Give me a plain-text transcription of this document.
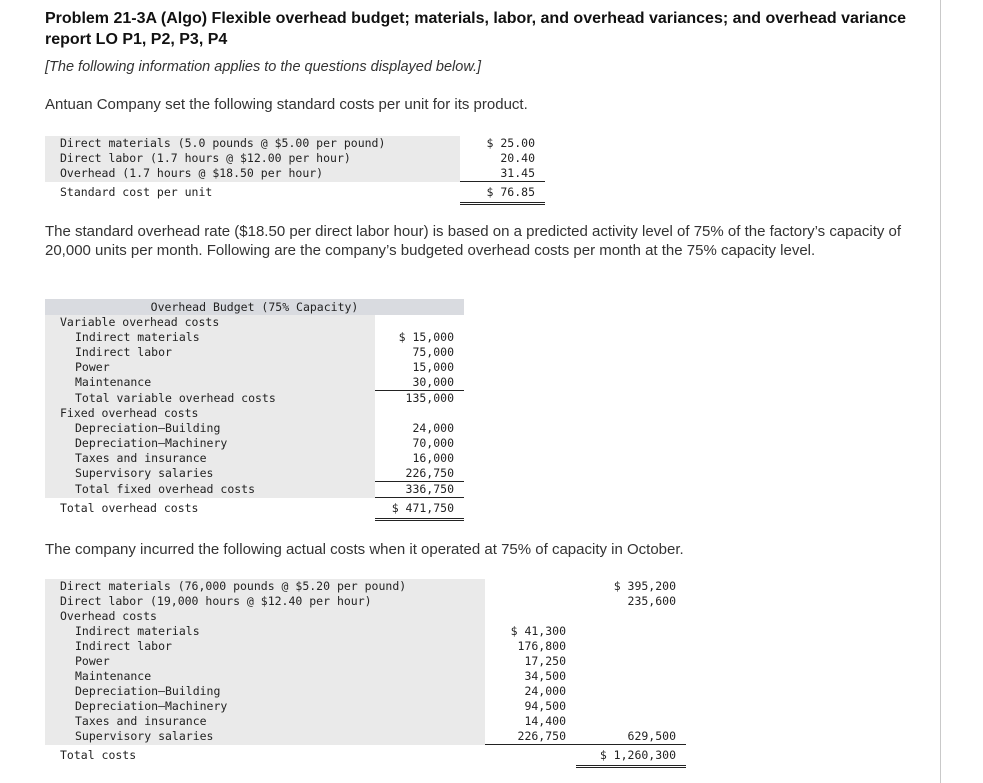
Problem 21-3A (Algo) Flexible overhead budget; materials, labor, and overhead variances; and overhead variance report LO P1, P2, P3, P4
[The following information applies to the questions displayed below.]
Antuan Company set the following standard costs per unit for its product.
Direct materials (5.0 pounds @ $5.00 per pound)	$ 25.00
Direct labor (1.7 hours @ $12.00 per hour)	20.40
Overhead (1.7 hours @ $18.50 per hour)	31.45
Standard cost per unit	$ 76.85
The standard overhead rate ($18.50 per direct labor hour) is based on a predicted activity level of 75% of the factory’s capacity of 20,000 units per month. Following are the company’s budgeted overhead costs per month at the 75% capacity level.
Overhead Budget (75% Capacity)	
Variable overhead costs	
Indirect materials	$ 15,000
Indirect labor	75,000
Power	15,000
Maintenance	30,000
Total variable overhead costs	135,000
Fixed overhead costs	
Depreciation—Building	24,000
Depreciation—Machinery	70,000
Taxes and insurance	16,000
Supervisory salaries	226,750
Total fixed overhead costs	336,750
Total overhead costs	$ 471,750
The company incurred the following actual costs when it operated at 75% of capacity in October.
Direct materials (76,000 pounds @ $5.20 per pound)		$ 395,200
Direct labor (19,000 hours @ $12.40 per hour)		235,600
Overhead costs		
Indirect materials	$ 41,300	
Indirect labor	176,800	
Power	17,250	
Maintenance	34,500	
Depreciation—Building	24,000	
Depreciation—Machinery	94,500	
Taxes and insurance	14,400	
Supervisory salaries	226,750	629,500
Total costs		$ 1,260,300
